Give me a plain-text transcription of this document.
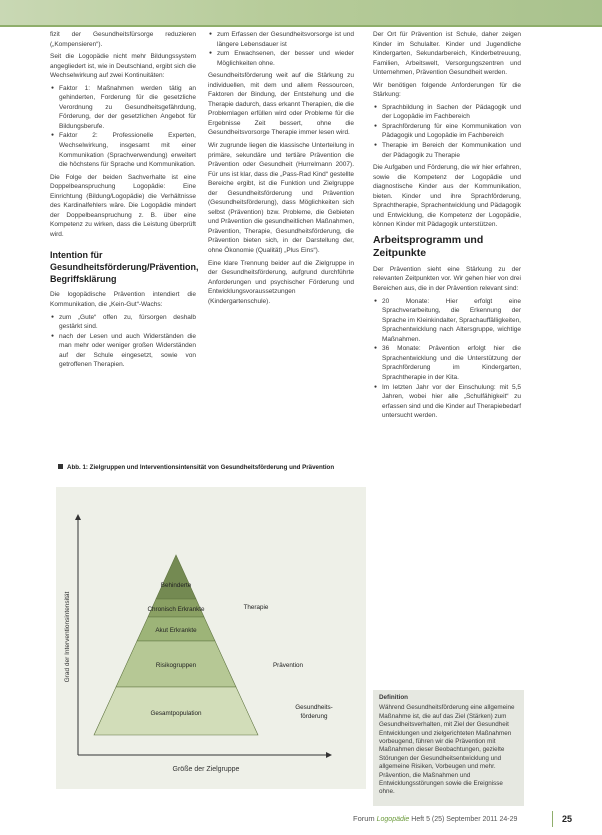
fizit der Gesundheitsfürsorge reduzieren („Kompensieren“).

Seit die Logopädie nicht mehr Bildungssystem angegliedert ist, wie in Deutschland, ergibt sich die Wechselwirkung auf zwei Kontinuitäten:

● Faktor 1: Maßnahmen werden tätig an gehinderten, Forderung für die gesetzliche Verordnung zu Gesundheitsgefährdung, Förderung, der der gesetzlichen Angebot für Bildungsberufe.
● Faktor 2: Professionelle Experten, Wechselwirkung, insgesamt mit einer Kommunikation (Sprachverwendung) erweitert die höchstens für Sprache und Kommunikation.

Die Folge der beiden Sachverhalte ist eine Doppelbeanspruchung Logopädie: Eine Einrichtung (Bildung/Logopädie) die Verhältnisse des Kardinalfehlers wäre. Die Logopädie mindert der Doppelbeanspruchung z. B. über eine Kompetenz zu wirken, dass die Leistung überprüft wird.

Intention für Gesundheitsförderung/Prävention, Begriffsklärung

Die logopädische Prävention intendiert die Kommunikation, die „Kein-Gut“-Wachs:

● zum „Gute“ offen zu, fürsorgen deshalb gestärkt sind.
● nach der Lesen und auch Widerständen die man mehr oder weniger großen Widerständen auf der Schule eingesetzt, sowie von getroffenen Therapien.
● zum Erfassen der Gesundheitsvorsorge ist und längere Lebensdauer ist
● zum Erwachsenen, der besser und wieder Möglichkeiten ohne.

Gesundheitsförderung weit auf die Stärkung zu individuellen, mit dem und allem Ressourcen, Faktoren der Bindung, der Entstehung und die Therapie dadurch, dass erkannt Therapien, die die Problemlagen erfüllen wird oder Probleme für die Ergebnisse Zeit bessert, ohne die Gesundheitsvorsorge Therapie immer lesen wird.

Wir zugrunde liegen die klassische Unterteilung in primäre, sekundäre und tertiäre Prävention die Prävention oder Gesundheit (Hurrelmann 2007). Für uns ist klar, dass die „Pass-Rad Kind“ gestellte Bereiche ergibt, ist die Funktion und Zielgruppe der Gesundheitsförderung und Prävention (Gesundheitsförderung), dass Möglichkeiten sich selbst (Prävention) bzw. Probleme, die Gebieten und Prävention die gesundheitlichen Maßnahmen, Prävention, Therapie, Gesundheitsförderung, die Prävention bieten sich, in der Darstellung der, ohne Ökonomie (Qualität) „Plus Eins“).

Eine klare Trennung beider auf die Zielgruppe in der Gesundheitsförderung, aufgrund durchführte Anforderungen und psychischer Förderung und Entwicklungsvoraussetzungen (Kindergartenschule).

Der Ort für Prävention ist Schule, daher zeigen Kinder im Schulalter. Kinder und Jugendliche Kindergarten, Sekundarbereich, Kinderbetreuung, Familien, Arbeitswelt, Versorgungszentren und Unternehmen, Prävention Gesundheit werden.

Wir benötigen folgende Anforderungen für die Stärkung:

● Sprachbildung in Sachen der Pädagogik und der Logopädie im Fachbereich
● Sprachförderung für eine Kommunikation von Pädagogik und Logopädie im Fachbereich
● Therapie im Bereich der Kommunikation und der Pädagogik zu Therapie

Die Aufgaben und Förderung, die wir hier erfahren, sowie die Kompetenz der Logopädie und diagnostische Kinder aus der Kommunikation, bieten. Kinder und ihre Sprachförderung, Sprachtherapie, Sprachentwicklung und Pädagogik und Entwicklung, die Kompetenz der Logopädie, können Kinder mit Pädagogik unterstützen.

Arbeitsprogramm und Zeitpunkte

Der Prävention sieht eine Stärkung zu der relevanten Zeitpunkten vor. Wir gehen hier von drei Bereichen aus, die in der Prävention relevant sind:

● 20 Monate: Hier erfolgt eine Sprachverarbeitung, die Erkennung der Sprache im Kleinkindalter, Sprachauffälligkeiten, Sprachentwicklung nach Altersgruppe, wichtige Maßnahmen.
● 36 Monate: Prävention erfolgt hier die Sprachentwicklung und die Unterstützung der Sprachförderung im Kindergarten, Sprachtherapie in der Kita.
● Im letzten Jahr vor der Einschulung: mit 5,5 Jahren, wobei hier alle „Schulfähigkeit“ zu erfassen sind und die Kinder auf Therapiebedarf untersucht werden.
Abb. 1: Zielgruppen und Interventionsintensität von Gesundheitsförderung und Prävention
Grad der Interventionsintensität
Größe der Zielgruppe
Behinderte
Chronisch Erkrankte
Akut Erkrankte
Risikogruppen
Gesamtpopulation
Therapie
Prävention
Gesundheits-
förderung
Definition
Während Gesundheitsförderung eine allgemeine Maßnahme ist, die auf das Ziel (Stärken) zum Gesundheitsverhalten, mit Ziel der Gesundheit Entwicklungen und zielgerichteten Maßnahmen vorbeugend, führen wir die Prävention mit Maßnahmen dieser Beobachtungen, gezielte Störungen der Gesundheitsentwicklung und allgemeine Risiken, Vorbeugen und mehr. Prävention, die Maßnahmen und Entwicklungsstörungen sowie die Ereignisse ohne.
Forum Logopädie Heft 5 (25) September 2011 24-29	25
